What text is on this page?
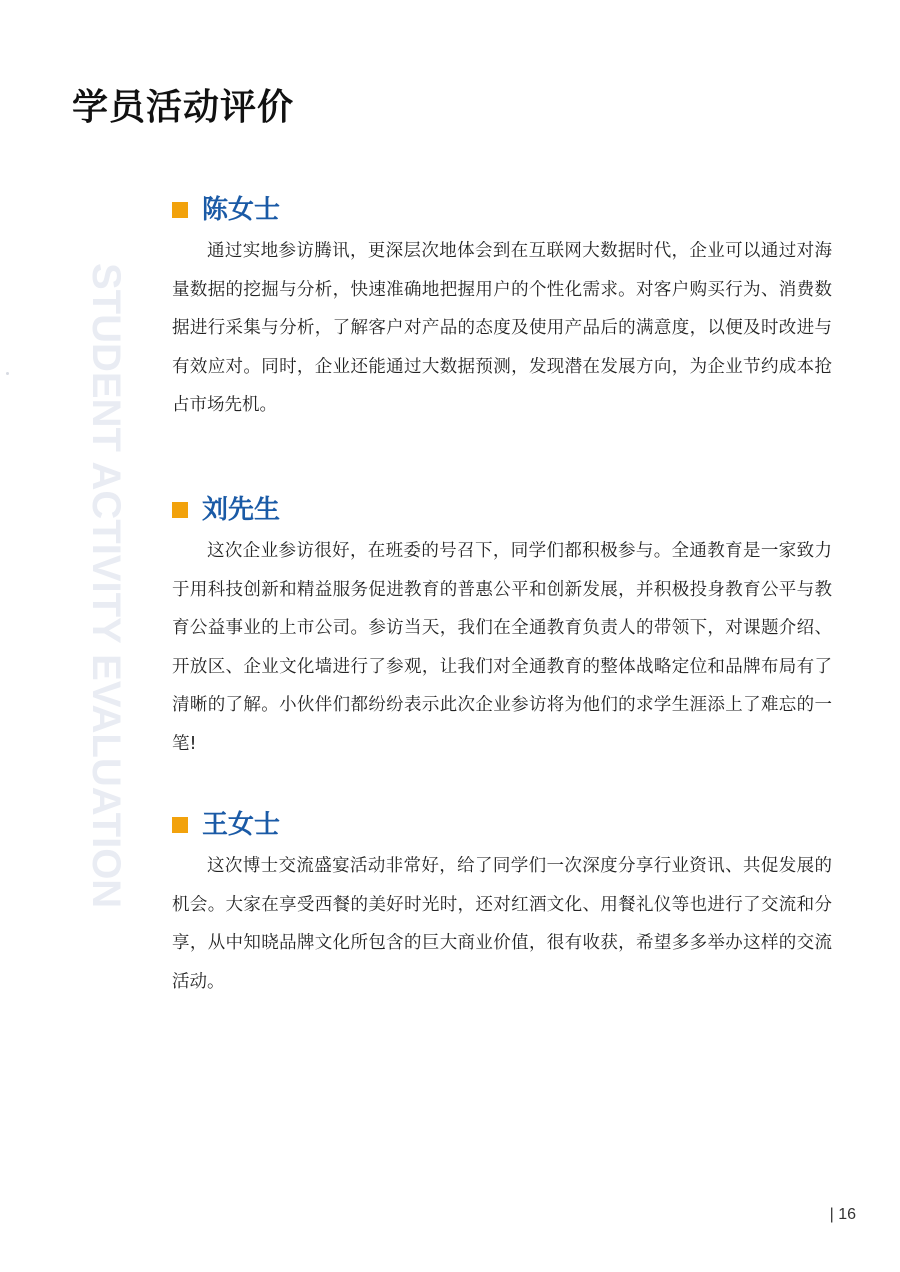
学员活动评价
STUDENT ACTIVITY EVALUATION
陈女士

通过实地参访腾讯，更深层次地体会到在互联网大数据时代，企业可以通过对海量数据的挖掘与分析，快速准确地把握用户的个性化需求。对客户购买行为、消费数据进行采集与分析，了解客户对产品的态度及使用产品后的满意度，以便及时改进与有效应对。同时，企业还能通过大数据预测，发现潜在发展方向，为企业节约成本抢占市场先机。

刘先生

这次企业参访很好，在班委的号召下，同学们都积极参与。全通教育是一家致力于用科技创新和精益服务促进教育的普惠公平和创新发展，并积极投身教育公平与教育公益事业的上市公司。参访当天，我们在全通教育负责人的带领下，对课题介绍、开放区、企业文化墙进行了参观，让我们对全通教育的整体战略定位和品牌布局有了清晰的了解。小伙伴们都纷纷表示此次企业参访将为他们的求学生涯添上了难忘的一笔!

王女士

这次博士交流盛宴活动非常好，给了同学们一次深度分享行业资讯、共促发展的机会。大家在享受西餐的美好时光时，还对红酒文化、用餐礼仪等也进行了交流和分享，从中知晓品牌文化所包含的巨大商业价值，很有收获，希望多多举办这样的交流活动。

| 16
